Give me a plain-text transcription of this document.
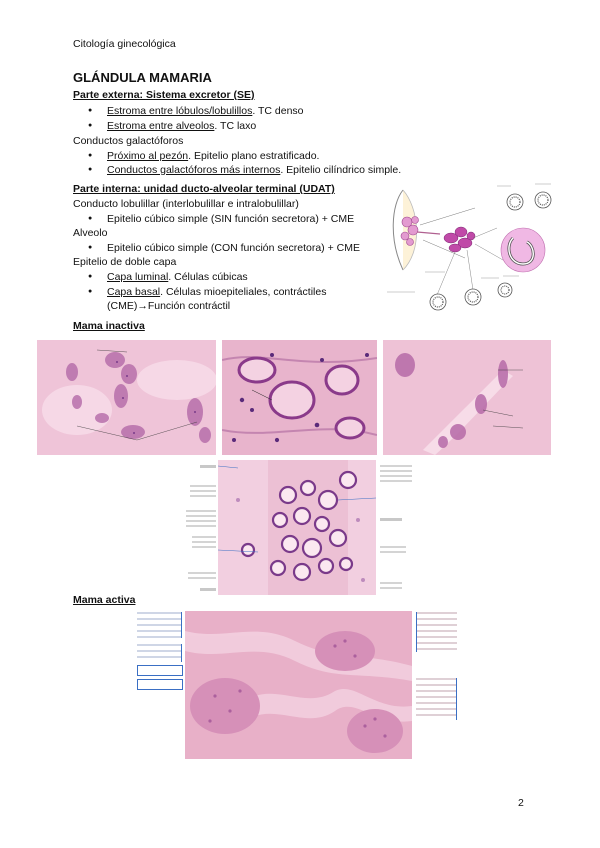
Citología ginecológica
GLÁNDULA MAMARIA
Parte externa: Sistema excretor (SE)
● Estroma entre lóbulos/lobulillos. TC denso
● Estroma entre alveolos. TC laxo
Conductos galactóforos
● Próximo al pezón. Epitelio plano estratificado.
● Conductos galactóforos más internos. Epitelio cilíndrico simple.
Parte interna: unidad ducto-alveolar terminal (UDAT)
Conducto lobulillar (interlobulillar e intralobulillar)
● Epitelio cúbico simple (SIN función secretora) + CME
Alveolo
● Epitelio cúbico simple (CON función secretora) + CME
Epitelio de doble capa
● Capa luminal. Células cúbicas
● Capa basal. Células mioepiteliales, contráctiles
(CME)→Función contráctil
Mama inactiva
Mama activa
2
